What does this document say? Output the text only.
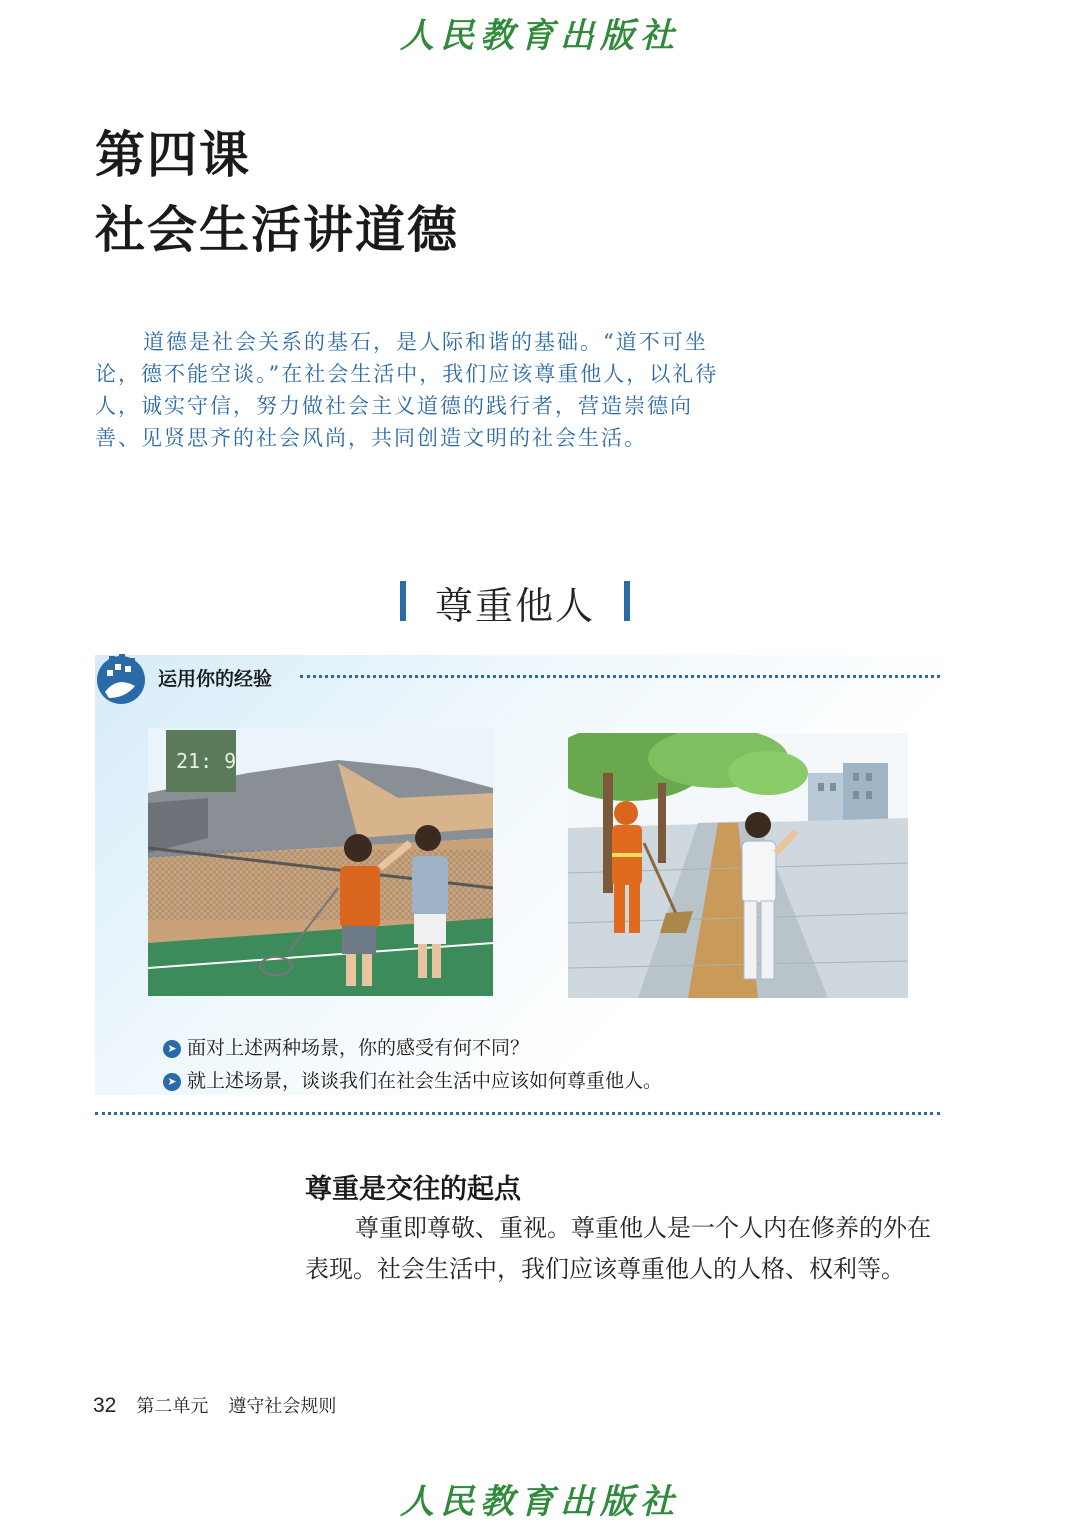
人民教育出版社
第四课
社会生活讲道德

道德是社会关系的基石，是人际和谐的基础。“道不可坐论，德不能空谈。”在社会生活中，我们应该尊重他人，以礼待人，诚实守信，努力做社会主义道德的践行者，营造崇德向善、见贤思齐的社会风尚，共同创造文明的社会生活。

尊重他人
运用你的经验
21: 9
➤ 面对上述两种场景，你的感受有何不同？
➤ 就上述场景，谈谈我们在社会生活中应该如何尊重他人。
尊重是交往的起点

尊重即尊敬、重视。尊重他人是一个人内在修养的外在表现。社会生活中，我们应该尊重他人的人格、权利等。

32 第二单元 遵守社会规则
人民教育出版社
